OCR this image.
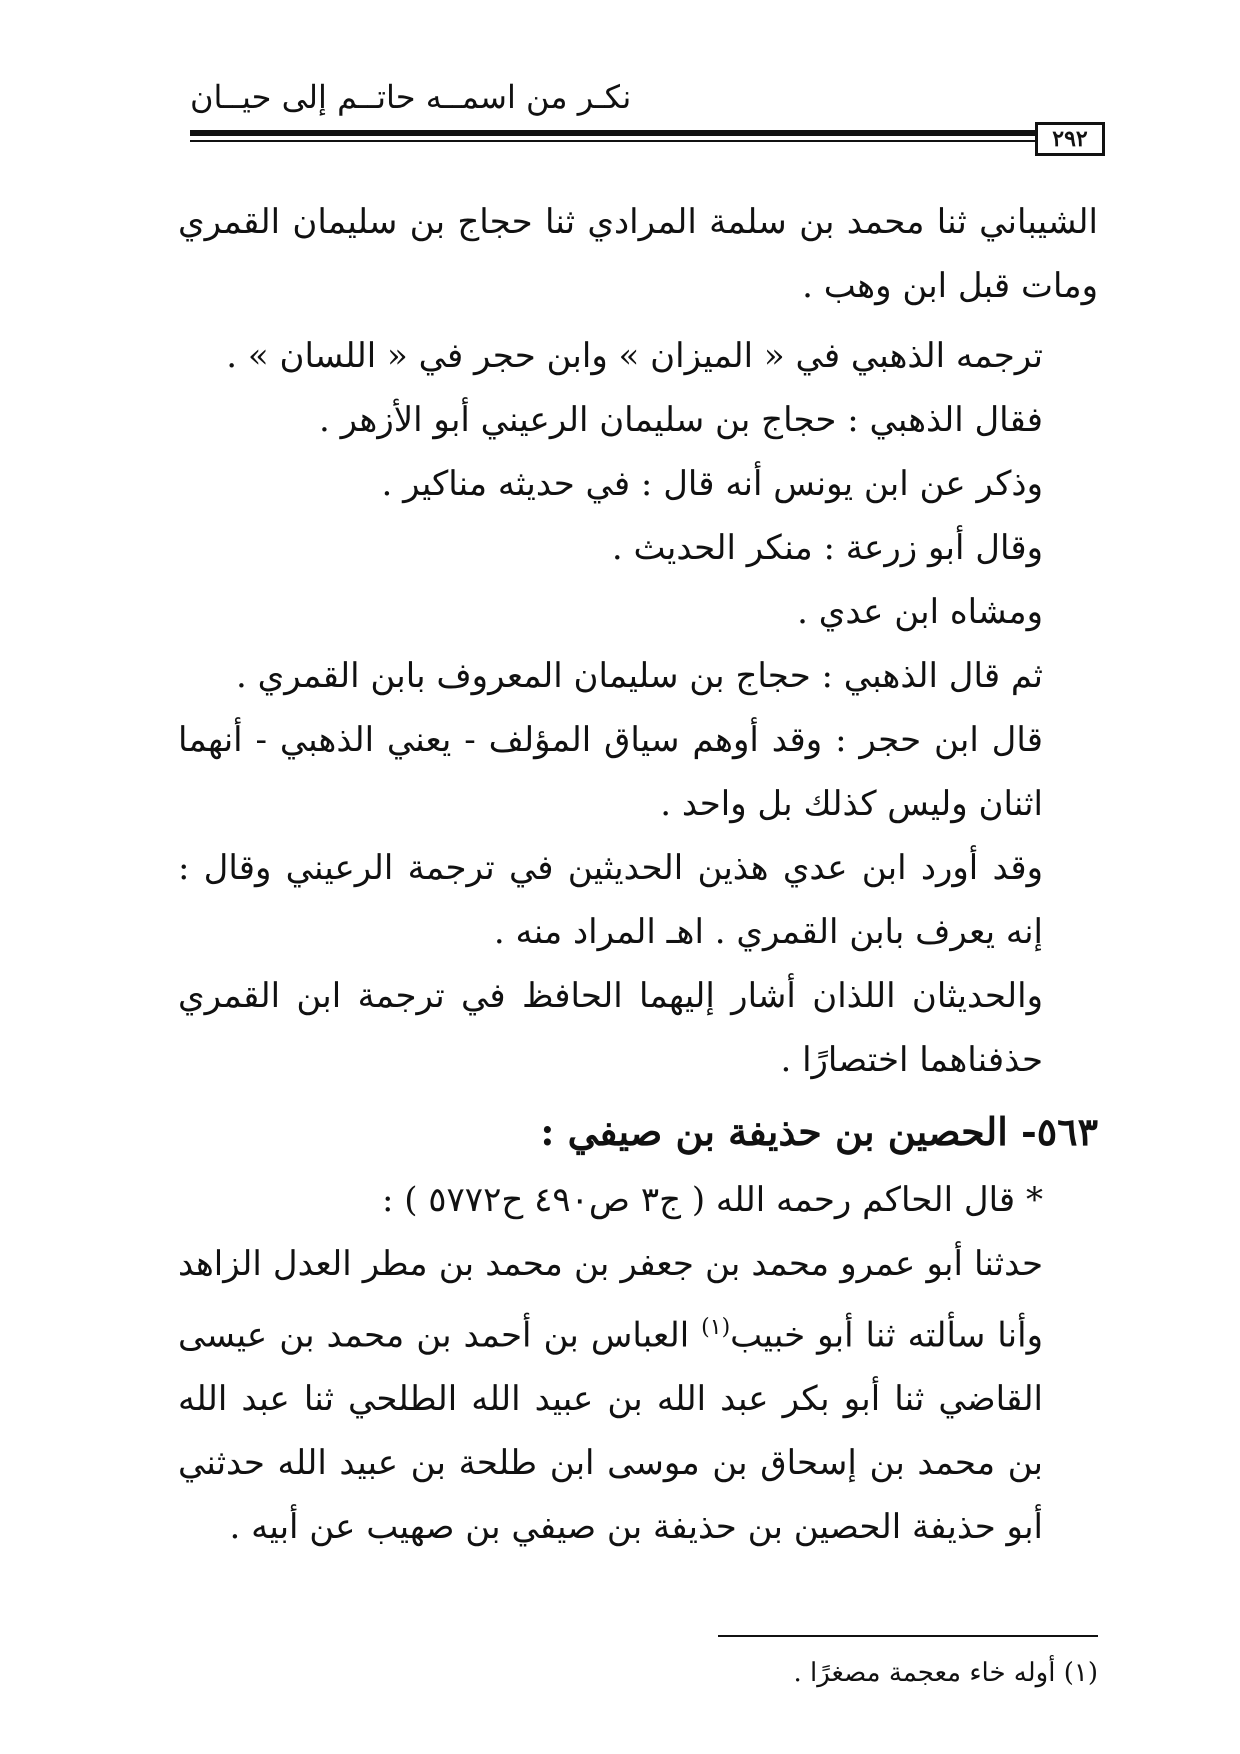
نكـر من اسمــه حاتــم إلى حيــان
٢٩٢

الشيباني ثنا محمد بن سلمة المرادي ثنا حجاج بن سليمان القمري ومات قبل ابن وهب .

ترجمه الذهبي في « الميزان » وابن حجر في « اللسان » .

فقال الذهبي : حجاج بن سليمان الرعيني أبو الأزهر .

وذكر عن ابن يونس أنه قال : في حديثه مناكير .

وقال أبو زرعة : منكر الحديث .

ومشاه ابن عدي .

ثم قال الذهبي : حجاج بن سليمان المعروف بابن القمري .

قال ابن حجر : وقد أوهم سياق المؤلف - يعني الذهبي - أنهما اثنان وليس كذلك بل واحد .

وقد أورد ابن عدي هذين الحديثين في ترجمة الرعيني وقال : إنه يعرف بابن القمري . اهـ المراد منه .

والحديثان اللذان أشار إليهما الحافظ في ترجمة ابن القمري حذفناهما اختصارًا .

٥٦٣- الحصين بن حذيفة بن صيفي :

* قال الحاكم رحمه الله ( ج٣ ص٤٩٠ ح٥٧٧٢ ) :

حدثنا أبو عمرو محمد بن جعفر بن محمد بن مطر العدل الزاهد وأنا سألته ثنا أبو خبيب$^{(١)}$ العباس بن أحمد بن محمد بن عيسى القاضي ثنا أبو بكر عبد الله بن عبيد الله الطلحي ثنا عبد الله بن محمد بن إسحاق بن موسى ابن طلحة بن عبيد الله حدثني أبو حذيفة الحصين بن حذيفة بن صيفي بن صهيب عن أبيه .

(١) أوله خاء معجمة مصغرًا .
